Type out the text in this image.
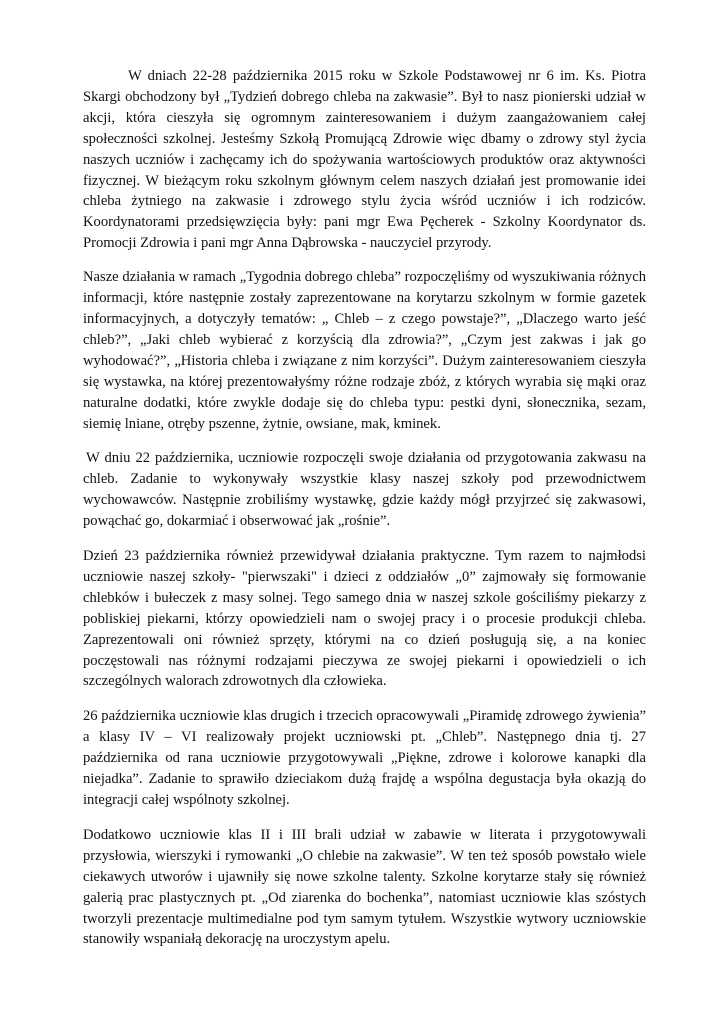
W dniach 22-28 października 2015 roku w Szkole Podstawowej nr 6 im. Ks. Piotra Skargi obchodzony był „Tydzień dobrego chleba na zakwasie”. Był to nasz pionierski udział w akcji, która cieszyła się ogromnym zainteresowaniem i dużym zaangażowaniem całej społeczności szkolnej. Jesteśmy Szkołą Promującą Zdrowie więc dbamy o zdrowy styl życia naszych uczniów i zachęcamy ich do spożywania wartościowych produktów oraz aktywności fizycznej. W bieżącym roku szkolnym głównym celem naszych działań jest promowanie idei chleba żytniego na zakwasie i zdrowego stylu życia wśród uczniów i ich rodziców. Koordynatorami przedsięwzięcia były: pani mgr Ewa Pęcherek - Szkolny Koordynator ds. Promocji Zdrowia i pani mgr Anna Dąbrowska - nauczyciel przyrody.

Nasze działania w ramach „Tygodnia dobrego chleba” rozpoczęliśmy od wyszukiwania różnych informacji, które następnie zostały zaprezentowane na korytarzu szkolnym w formie gazetek informacyjnych, a dotyczyły tematów: „ Chleb – z czego powstaje?”, „Dlaczego warto jeść chleb?”, „Jaki chleb wybierać z korzyścią dla zdrowia?”, „Czym jest zakwas i jak go wyhodować?”, „Historia chleba i związane z nim korzyści”. Dużym zainteresowaniem cieszyła się wystawka, na której prezentowałyśmy różne rodzaje zbóż, z których wyrabia się mąki oraz naturalne dodatki, które zwykle dodaje się do chleba typu: pestki dyni, słonecznika, sezam, siemię lniane, otręby pszenne, żytnie, owsiane, mak, kminek.

W dniu 22 października, uczniowie rozpoczęli swoje działania od przygotowania zakwasu na chleb. Zadanie to wykonywały wszystkie klasy naszej szkoły pod przewodnictwem wychowawców. Następnie zrobiliśmy wystawkę, gdzie każdy mógł przyjrzeć się zakwasowi, powąchać go, dokarmiać i obserwować jak „rośnie”.

Dzień 23 października również przewidywał działania praktyczne. Tym razem to najmłodsi uczniowie naszej szkoły- "pierwszaki" i dzieci z oddziałów „0” zajmowały się formowanie chlebków i bułeczek z masy solnej. Tego samego dnia w naszej szkole gościliśmy piekarzy z pobliskiej piekarni, którzy opowiedzieli nam o swojej pracy i o procesie produkcji chleba. Zaprezentowali oni również sprzęty, którymi na co dzień posługują się, a na koniec poczęstowali nas różnymi rodzajami pieczywa ze swojej piekarni i opowiedzieli o ich szczególnych walorach zdrowotnych dla człowieka.

26 października uczniowie klas drugich i trzecich opracowywali „Piramidę zdrowego żywienia” a klasy IV – VI realizowały projekt uczniowski pt. „Chleb”. Następnego dnia tj. 27 października od rana uczniowie przygotowywali „Piękne, zdrowe i kolorowe kanapki dla niejadka”. Zadanie to sprawiło dzieciakom dużą frajdę a wspólna degustacja była okazją do integracji całej wspólnoty szkolnej.

Dodatkowo uczniowie klas II i III brali udział w zabawie w literata i przygotowywali przysłowia, wierszyki i rymowanki „O chlebie na zakwasie”. W ten też sposób powstało wiele ciekawych utworów i ujawniły się nowe szkolne talenty. Szkolne korytarze stały się również galerią prac plastycznych pt. „Od ziarenka do bochenka”, natomiast uczniowie klas szóstych tworzyli prezentacje multimedialne pod tym samym tytułem. Wszystkie wytwory uczniowskie stanowiły wspaniałą dekorację na uroczystym apelu.
